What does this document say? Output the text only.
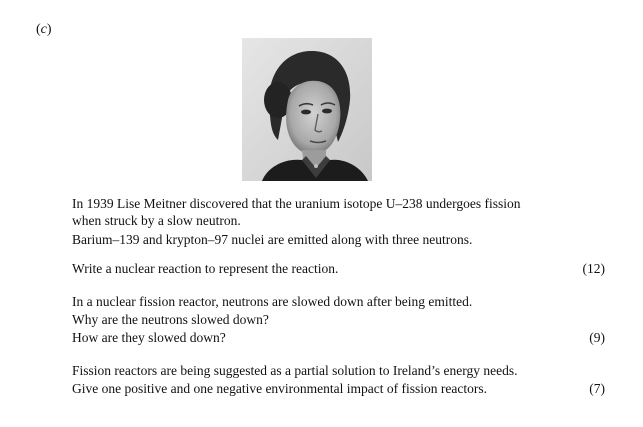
(c)
In 1939 Lise Meitner discovered that the uranium isotope U–238 undergoes fission
when struck by a slow neutron.
Barium–139 and krypton–97 nuclei are emitted along with three neutrons.
Write a nuclear reaction to represent the reaction.	(12)
In a nuclear fission reactor, neutrons are slowed down after being emitted.
Why are the neutrons slowed down?
How are they slowed down?	(9)
Fission reactors are being suggested as a partial solution to Ireland’s energy needs.
Give one positive and one negative environmental impact of fission reactors.	(7)
